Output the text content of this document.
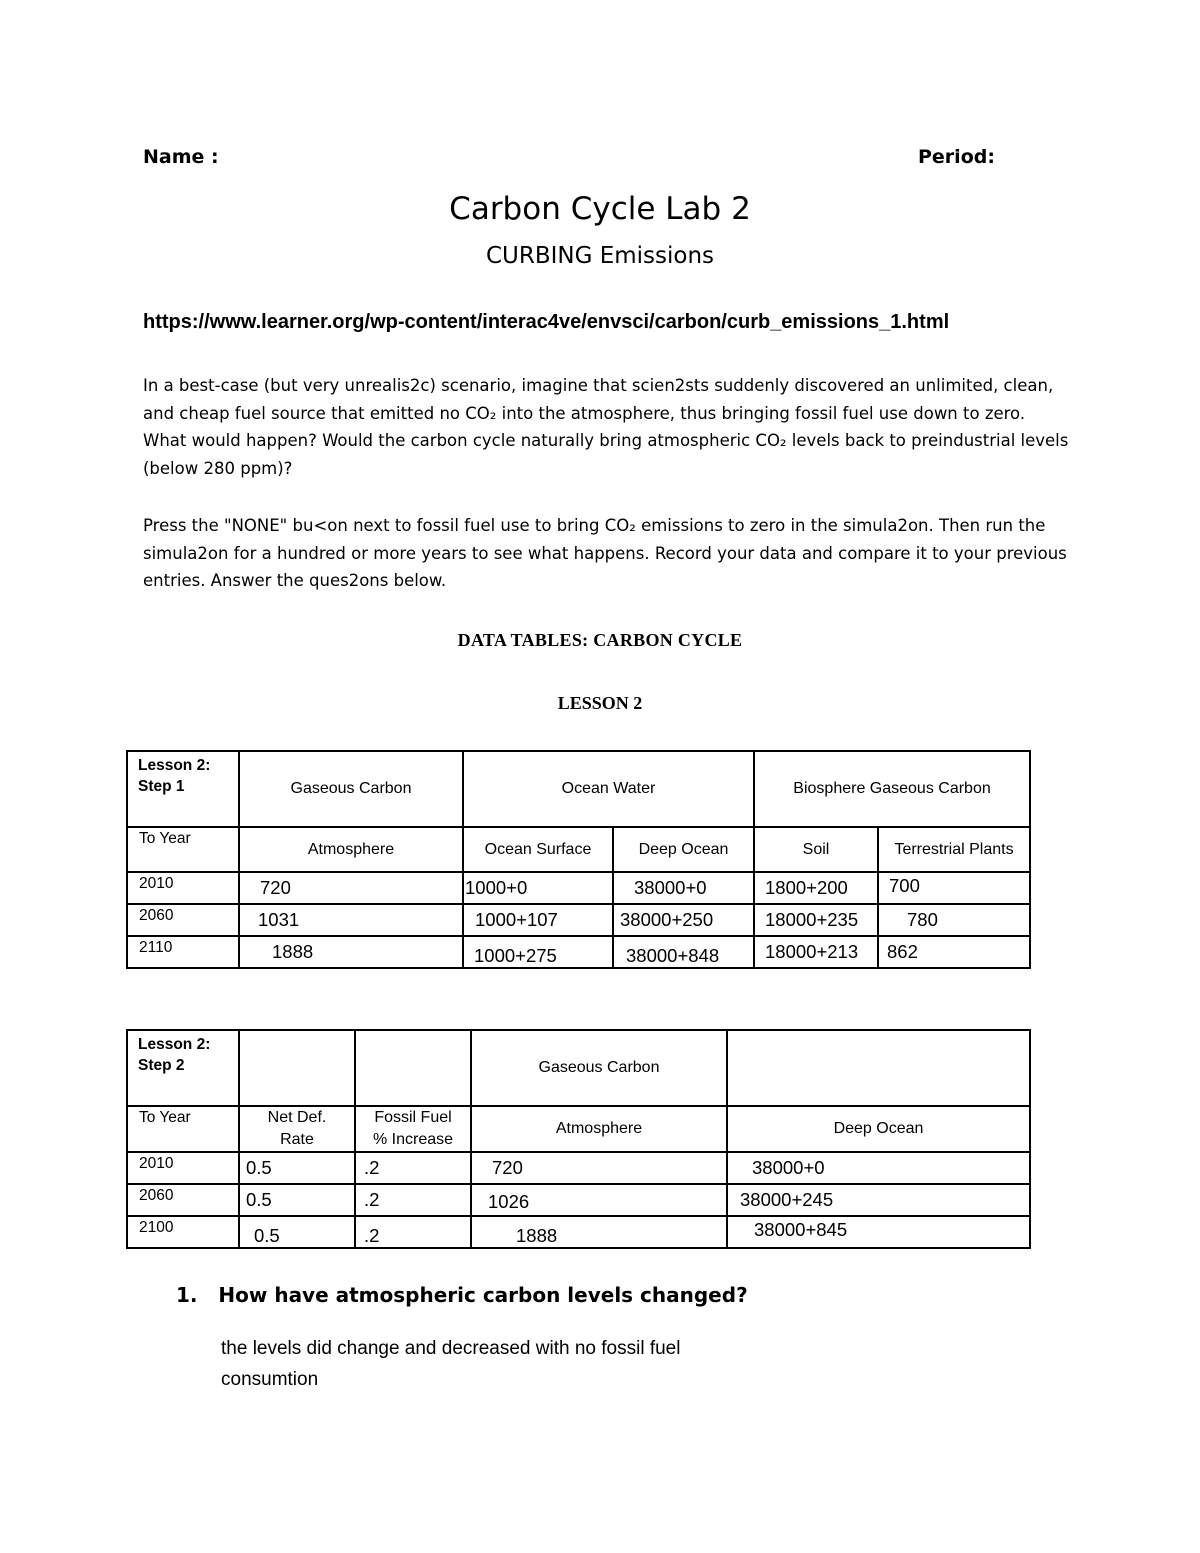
Name :	Period:
Carbon Cycle Lab 2
CURBING Emissions
https://www.learner.org/wp-content/interac4ve/envsci/carbon/curb_emissions_1.html
In a best-case (but very unrealis2c) scenario, imagine that scien2sts suddenly discovered an unlimited, clean, and cheap fuel source that emitted no CO₂ into the atmosphere, thus bringing fossil fuel use down to zero. What would happen? Would the carbon cycle naturally bring atmospheric CO₂ levels back to preindustrial levels (below 280 ppm)?
Press the "NONE" bu<on next to fossil fuel use to bring CO₂ emissions to zero in the simula2on. Then run the simula2on for a hundred or more years to see what happens. Record your data and compare it to your previous entries. Answer the ques2ons below.
DATA TABLES: CARBON CYCLE
LESSON 2
Lesson 2:
Step 1	Gaseous Carbon	Ocean Water		Biosphere Gaseous Carbon	
To Year	Atmosphere	Ocean Surface	Deep Ocean	Soil	Terrestrial Plants
2010	720	1000+0	38000+0	1800+200	700
2060	1031	1000+107	38000+250	18000+235	780
2110	1888	1000+275	38000+848	18000+213	862
Lesson 2:
Step 2			Gaseous Carbon	
To Year	Net Def. Rate	Fossil Fuel % Increase	Atmosphere	Deep Ocean
2010	0.5	.2	720	38000+0
2060	0.5	.2	1026	38000+245
2100	0.5	.2	1888	38000+845
1. How have atmospheric carbon levels changed?
the levels did change and decreased with no fossil fuel consumtion
